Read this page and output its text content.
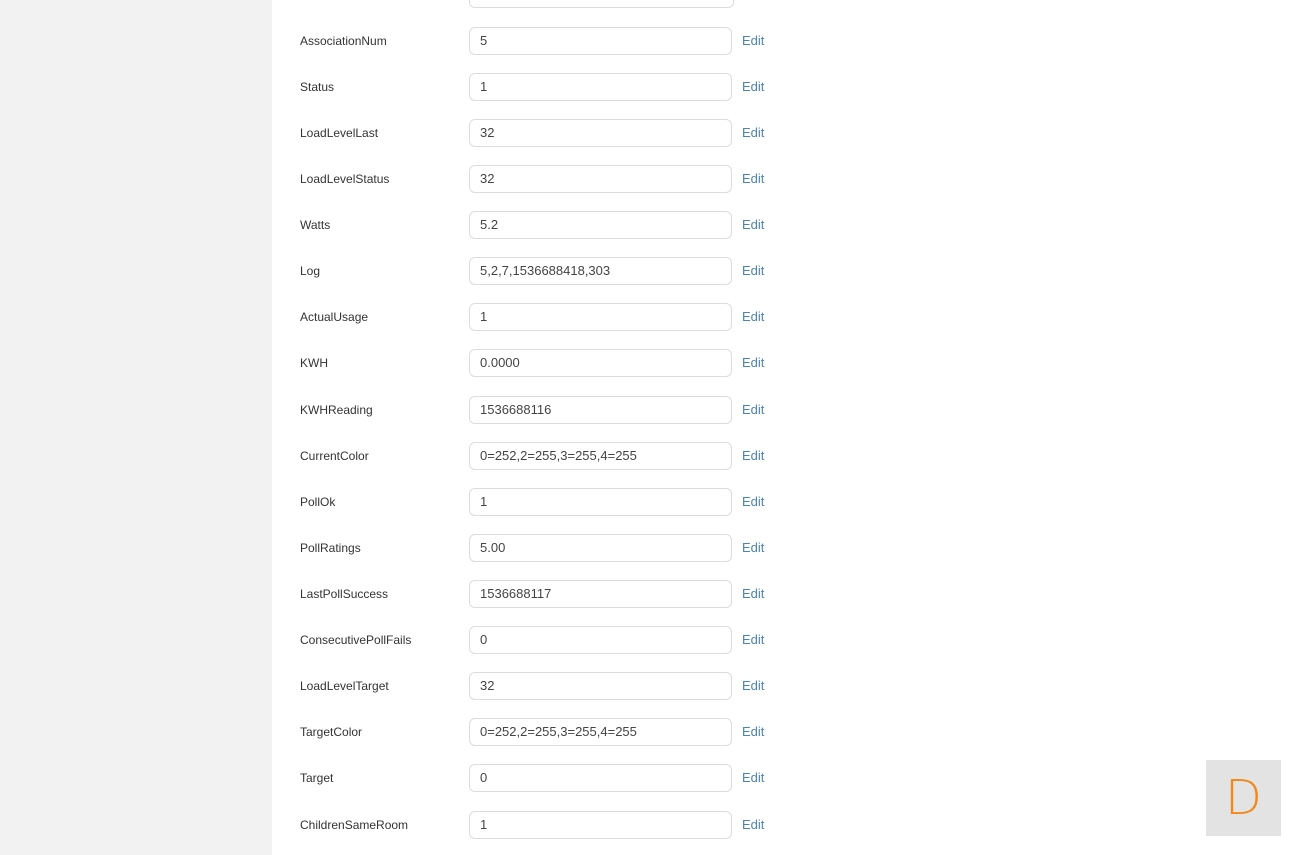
AssociationNum
5	Edit
Status
1	Edit
LoadLevelLast
32	Edit
LoadLevelStatus
32	Edit
Watts
5.2	Edit
Log
5,2,7,1536688418,303	Edit
ActualUsage
1	Edit
KWH
0.0000	Edit
KWHReading
1536688116	Edit
CurrentColor
0=252,2=255,3=255,4=255	Edit
PollOk
1	Edit
PollRatings
5.00	Edit
LastPollSuccess
1536688117	Edit
ConsecutivePollFails
0	Edit
LoadLevelTarget
32	Edit
TargetColor
0=252,2=255,3=255,4=255	Edit
Target
0	Edit
ChildrenSameRoom
1	Edit	D
